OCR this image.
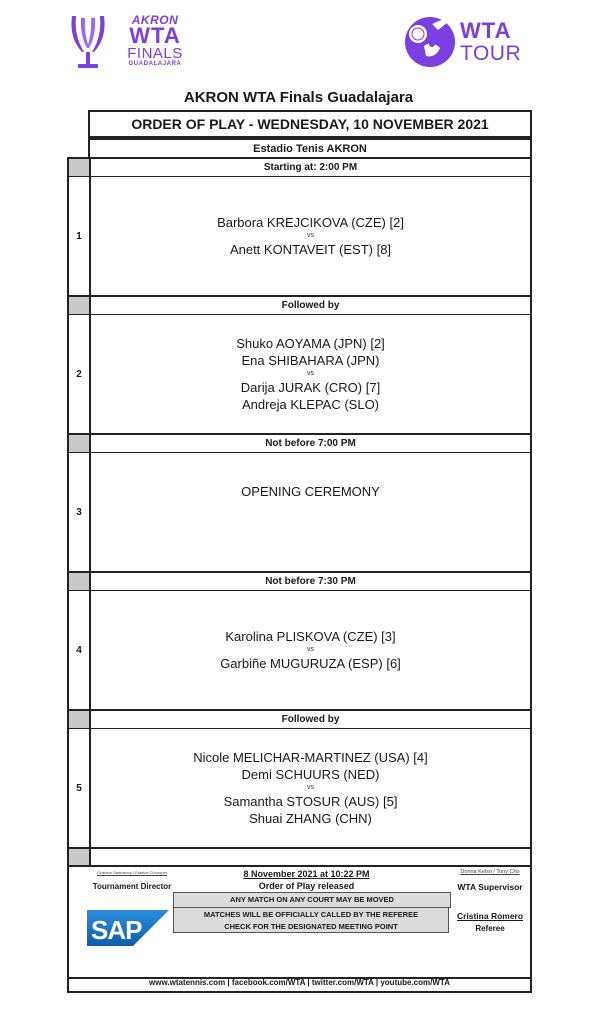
AKRON
WTA
FINALS
GUADALAJARA
WTA
TOUR
AKRON WTA Finals Guadalajara
ORDER OF PLAY - WEDNESDAY, 10 NOVEMBER 2021
Estadio Tenis AKRON
Starting at: 2:00 PM
1
Barbora KREJCIKOVA (CZE) [2]
vs
Anett KONTAVEIT (EST) [8]
Followed by
2
Shuko AOYAMA (JPN) [2]
Ena SHIBAHARA (JPN)
vs
Darija JURAK (CRO) [7]
Andreja KLEPAC (SLO)
Not before 7:00 PM
3
OPENING CEREMONY
Not before 7:30 PM
4
Karolina PLISKOVA (CZE) [3]
vs
Garbiñe MUGURUZA (ESP) [6]
Followed by
5
Nicole MELICHAR-MARTINEZ (USA) [4]
Demi SCHUURS (NED)
vs
Samantha STOSUR (AUS) [5]
Shuai ZHANG (CHN)
Gustavo Santoscoy / Fabrice Chouquet
Tournament Director
8 November 2021 at 10:22 PM
Order of Play released
ANY MATCH ON ANY COURT MAY BE MOVED
MATCHES WILL BE OFFICIALLY CALLED BY THE REFEREE
CHECK FOR THE DESIGNATED MEETING POINT
Donna Kelso / Tony Cho
WTA Supervisor
Cristina Romero
Referee
SAP
www.wtatennis.com | facebook.com/WTA | twitter.com/WTA | youtube.com/WTA
